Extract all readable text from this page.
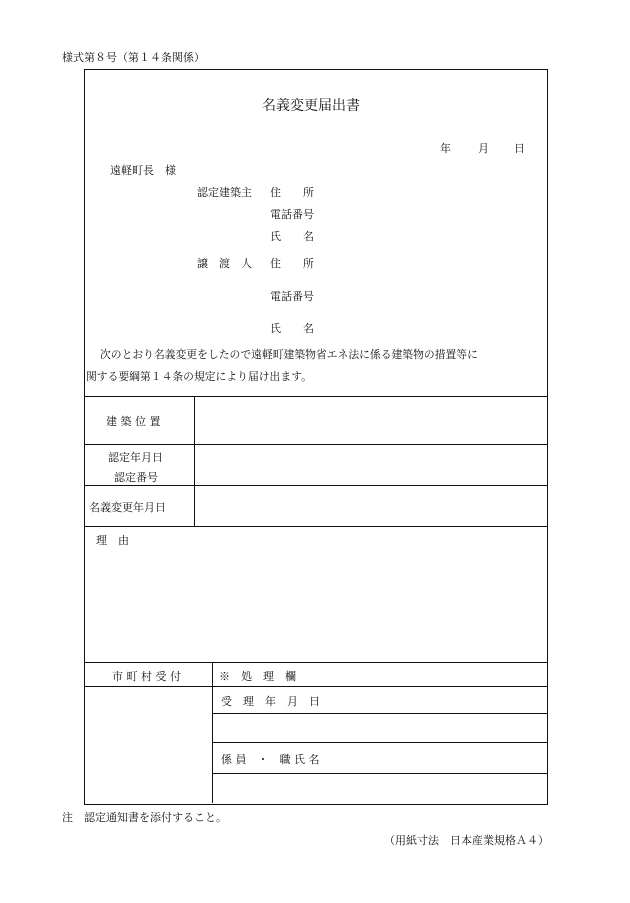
様式第８号（第１４条関係）
名義変更届出書
年 月 日
遠軽町長　様
認定建築主 住　　所
電話番号
氏　　名
譲　渡　人 住　　所
電話番号
氏　　名
次のとおり名義変更をしたので遠軽町建築物省エネ法に係る建築物の措置等に
関する要綱第１４条の規定により届け出ます。
建 築 位 置
認定年月日
認定番号
名義変更年月日
理　由
市 町 村 受 付	※　処　理　欄
受　理　年　月　日
係 員　・　職 氏 名
注　認定通知書を添付すること。
（用紙寸法　日本産業規格Ａ４）
